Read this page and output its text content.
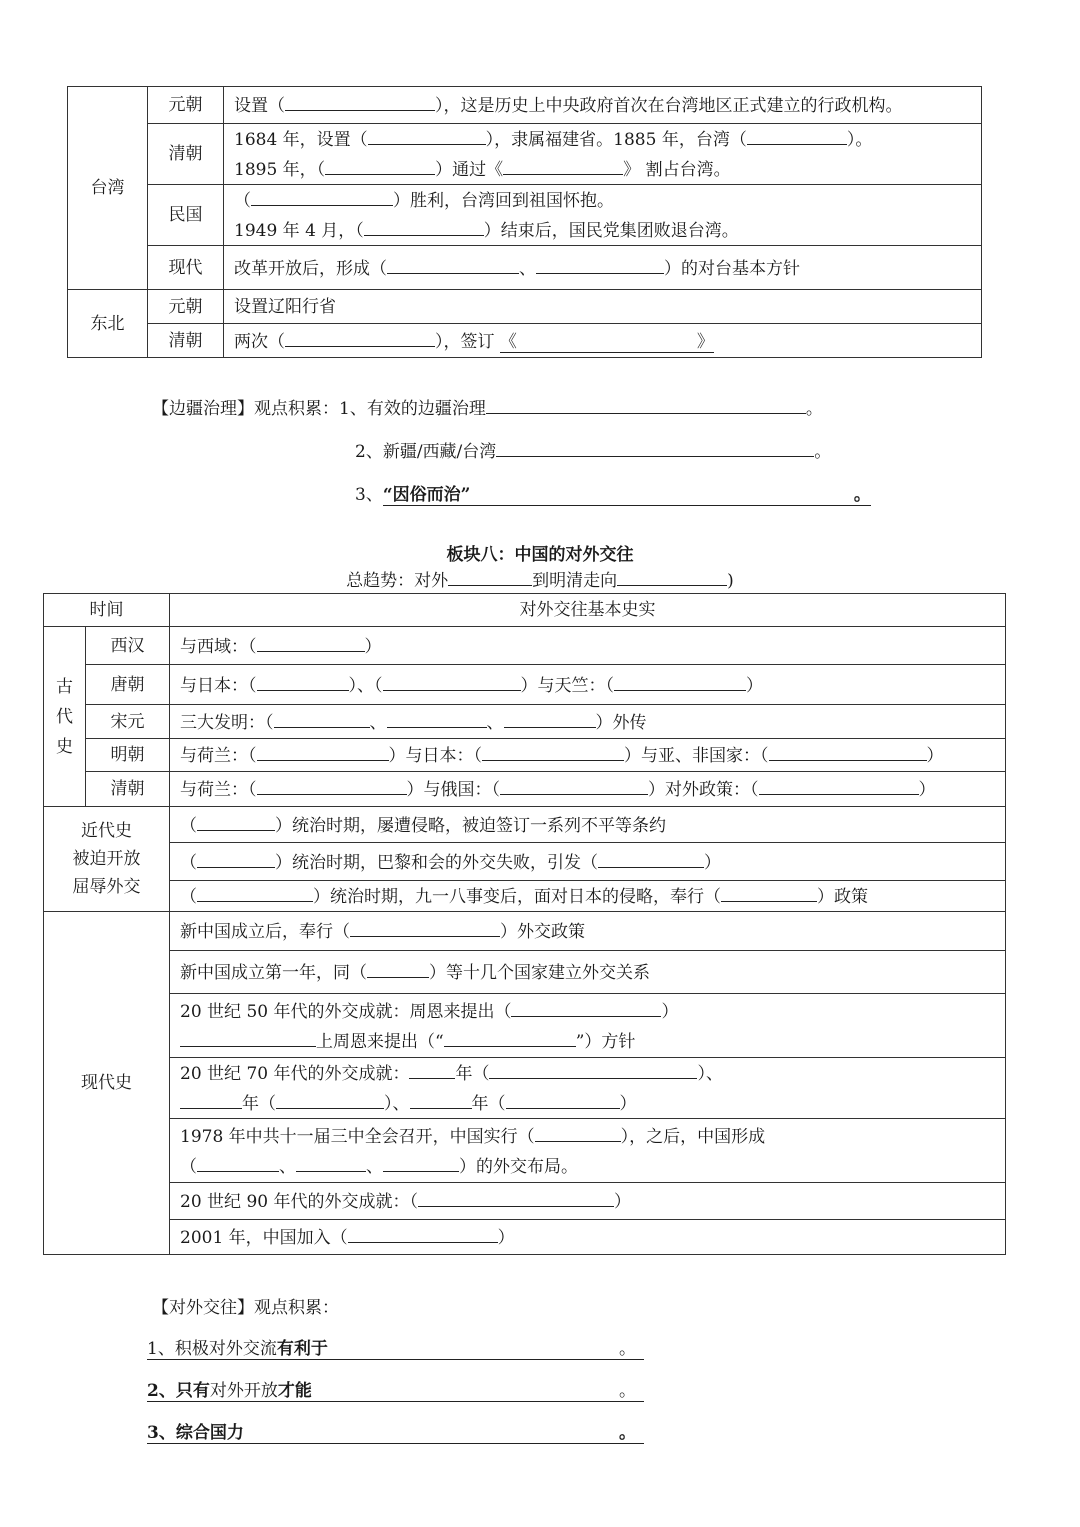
台湾	元朝	设置（ ），这是历史上中央政府首次在台湾地区正式建立的行政机构。
	清朝	1684 年，设置（ ），隶属福建省。1885 年，台湾（ ）。
1895 年，（ ）通过《 》 割占台湾。

	民国	（ ）胜利，台湾回到祖国怀抱。
1949 年 4 月，（ ）结束后，国民党集团败退台湾。

	现代	改革开放后，形成（ 、 ）的对台基本方针
东北	元朝	设置辽阳行省
	清朝	两次（ ），签订 《 》
【边疆治理】观点积累：1、有效的边疆治理	。
2、新疆/西藏/台湾	。
3、“因俗而治”	。
板块八：中国的对外交往
总趋势：对外	到明清走向	)
时间		对外交往基本史实

古代史	西汉	与西域：（ ）
	唐朝	与日本：（ ）、（ ）与天竺：（ ）
	宋元	三大发明：（ 、 、 ）外传
	明朝	与荷兰：（ ）与日本：（ ）与亚、非国家：（ ）
	清朝	与荷兰：（ ）与俄国：（ ）对外政策：（ ）

近代史
被迫开放
屈辱外交		（ ）统治时期，屡遭侵略，被迫签订一系列不平等条约
		（ ）统治时期，巴黎和会的外交失败，引发（ ）
		（ ）统治时期，九一八事变后，面对日本的侵略，奉行（ ）政策
现代史		新中国成立后，奉行（ ）外交政策
		新中国成立第一年，同（ ）等十几个国家建立外交关系

		20 世纪 50 年代的外交成就：周恩来提出（ ）
上周恩来提出（“ ”）方针

		20 世纪 70 年代的外交成就： 年（ ）、
年（ ）、 年（ ）

		1978 年中共十一届三中全会召开，中国实行（ ），之后，中国形成
（ 、 、 ）的外交布局。

		20 世纪 90 年代的外交成就：（ ）
		2001 年，中国加入（ ）
【对外交往】观点积累：
1、积极对外交流有利于	。
2、只有对外开放才能	。
3、综合国力	。
